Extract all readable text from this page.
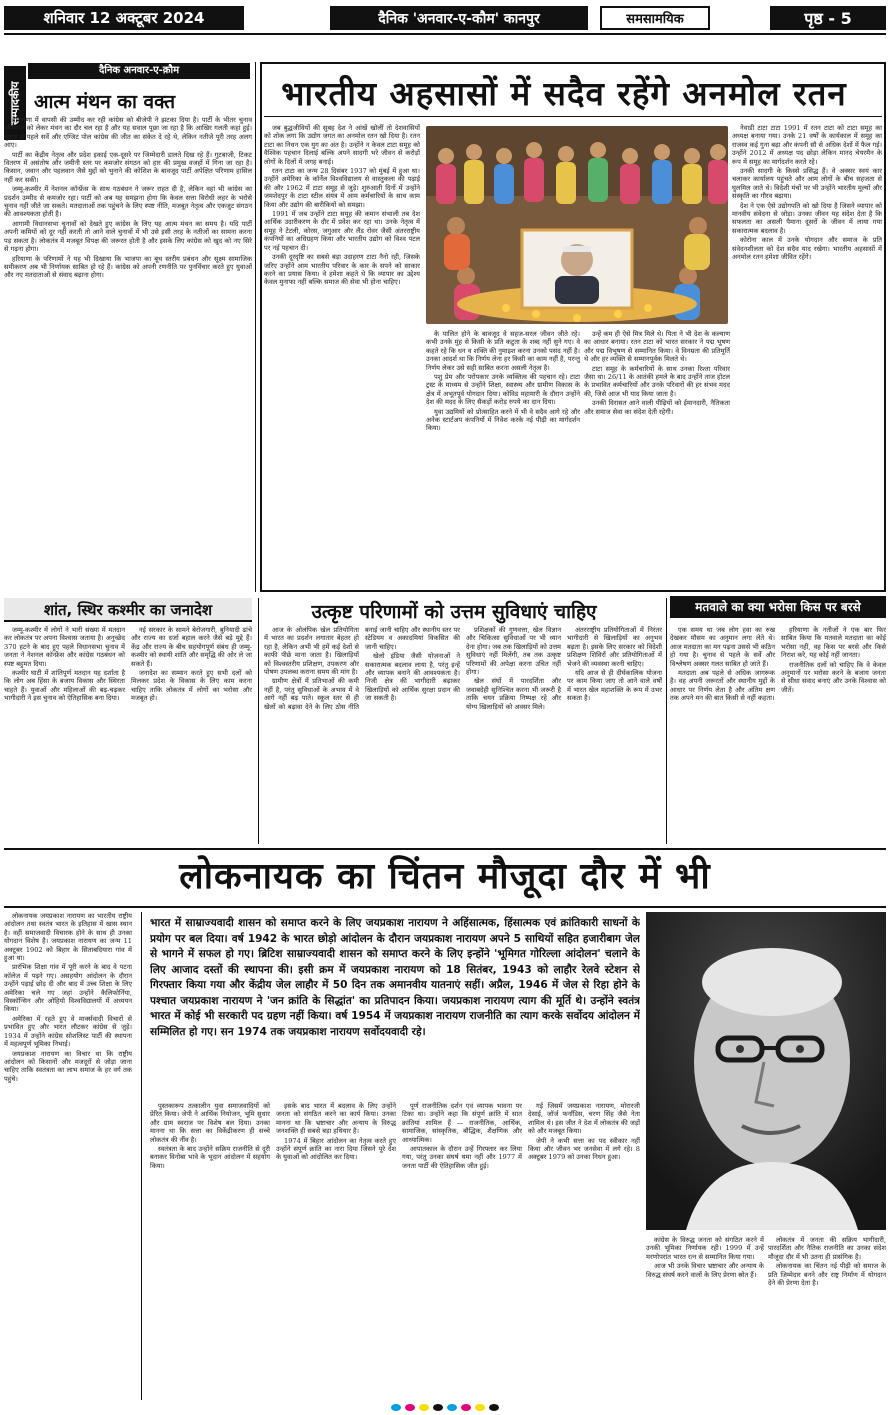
शनिवार 12 अक्टूबर 2024	दैनिक 'अनवार-ए-कौम' कानपुर	समसामयिक	पृष्ठ - 5
सम्पादकीय
दैनिक अनवार-ए-क़ौम
आत्म मंथन का वक्त

हरियाणा में वापसी की उम्मीद कर रही कांग्रेस को बीजेपी ने झटका दिया है। पार्टी के भीतर चुनाव परिणामों को लेकर मंथन का दौर चल रहा है और यह सवाल पूछा जा रहा है कि आखिर गलती कहां हुई। चुनाव से पहले सर्वे और एग्जिट पोल कांग्रेस की जीत का संकेत दे रहे थे, लेकिन नतीजे पूरी तरह अलग आए।

पार्टी का केंद्रीय नेतृत्व और प्रदेश इकाई एक-दूसरे पर जिम्मेदारी डालते दिख रहे हैं। गुटबाजी, टिकट वितरण में असंतोष और जमीनी स्तर पर कमजोर संगठन को हार की प्रमुख वजहों में गिना जा रहा है। किसान, जवान और पहलवान जैसे मुद्दों को भुनाने की कोशिश के बावजूद पार्टी अपेक्षित परिणाम हासिल नहीं कर सकी।

जम्मू-कश्मीर में नेशनल कॉन्फ्रेंस के साथ गठबंधन ने जरूर राहत दी है, लेकिन वहां भी कांग्रेस का प्रदर्शन उम्मीद से कमजोर रहा। पार्टी को अब यह समझना होगा कि केवल सत्ता विरोधी लहर के भरोसे चुनाव नहीं जीते जा सकते। मतदाताओं तक पहुंचने के लिए स्पष्ट नीति, मजबूत नेतृत्व और एकजुट संगठन की आवश्यकता होती है।

आगामी विधानसभा चुनावों को देखते हुए कांग्रेस के लिए यह आत्म मंथन का समय है। यदि पार्टी अपनी कमियों को दूर नहीं करती तो आने वाले चुनावों में भी उसे इसी तरह के नतीजों का सामना करना पड़ सकता है। लोकतंत्र में मजबूत विपक्ष की जरूरत होती है और इसके लिए कांग्रेस को खुद को नए सिरे से गढ़ना होगा।

हरियाणा के परिणामों ने यह भी दिखाया कि भाजपा का बूथ स्तरीय प्रबंधन और सूक्ष्म सामाजिक समीकरण अब भी निर्णायक साबित हो रहे हैं। कांग्रेस को अपनी रणनीति पर पुनर्विचार करते हुए युवाओं और नए मतदाताओं से संवाद बढ़ाना होगा।

भारतीय अहसासों में सदैव रहेंगे अनमोल रतन

जब बुद्धजीवियों की सुबह देश ने आंखें खोलीं तो देशवासियों को शोक लगा कि उद्योग जगत का अनमोल रतन खो दिया है। रतन टाटा का निधन एक युग का अंत है। उन्होंने न केवल टाटा समूह को वैश्विक पहचान दिलाई बल्कि अपने सादगी भरे जीवन से करोड़ों लोगों के दिलों में जगह बनाई।

रतन टाटा का जन्म 28 दिसंबर 1937 को मुंबई में हुआ था। उन्होंने अमेरिका के कॉर्नेल विश्वविद्यालय से वास्तुकला की पढ़ाई की और 1962 में टाटा समूह से जुड़े। शुरुआती दिनों में उन्होंने जमशेदपुर के टाटा स्टील संयंत्र में आम कर्मचारियों के साथ काम किया और उद्योग की बारीकियों को समझा।

1991 में जब उन्होंने टाटा समूह की कमान संभाली तब देश आर्थिक उदारीकरण के दौर में प्रवेश कर रहा था। उनके नेतृत्व में समूह ने टेटली, कोरस, जगुआर और लैंड रोवर जैसी अंतरराष्ट्रीय कंपनियों का अधिग्रहण किया और भारतीय उद्योग को विश्व पटल पर नई पहचान दी।

उनकी दूरदृष्टि का सबसे बड़ा उदाहरण टाटा नैनो रही, जिसके जरिए उन्होंने आम भारतीय परिवार के कार के सपने को साकार करने का प्रयास किया। वे हमेशा कहते थे कि व्यापार का उद्देश्य केवल मुनाफा नहीं बल्कि समाज की सेवा भी होना चाहिए।

के पालित होने के बावजूद वे सहज-सरल जीवन जीते रहे। कभी उनके मुंह से किसी के प्रति कटुता के शब्द नहीं सुने गए। वे कहते रहे कि धन व शक्ति की नुमाइश करना उनको पसंद नहीं है। उनका आदर्श था कि निर्णय लेना हर किसी का काम नहीं है, परन्तु निर्णय लेकर उसे सही साबित करना असली नेतृत्व है।

पशु प्रेम और परोपकार उनके व्यक्तित्व की पहचान रहे। टाटा ट्रस्ट के माध्यम से उन्होंने शिक्षा, स्वास्थ्य और ग्रामीण विकास के क्षेत्र में अभूतपूर्व योगदान दिया। कोविड महामारी के दौरान उन्होंने देश की मदद के लिए सैकड़ों करोड़ रुपये का दान दिया।

युवा उद्यमियों को प्रोत्साहित करने में भी वे सदैव आगे रहे और अनेक स्टार्टअप कंपनियों में निवेश करके नई पीढ़ी का मार्गदर्शन किया।

उन्हें कम ही ऐसे मित्र मिले थे। पिता ने भी देश के कल्याण का आधार बनाया। रतन टाटा को भारत सरकार ने पद्म भूषण और पद्म विभूषण से सम्मानित किया। वे विनम्रता की प्रतिमूर्ति थे और हर व्यक्ति से सम्मानपूर्वक मिलते थे।

टाटा समूह के कर्मचारियों के साथ उनका रिश्ता परिवार जैसा था। 26/11 के आतंकी हमले के बाद उन्होंने ताज होटल के प्रभावित कर्मचारियों और उनके परिवारों की हर संभव मदद की, जिसे आज भी याद किया जाता है।

उनकी विरासत आने वाली पीढ़ियों को ईमानदारी, नैतिकता और समाज सेवा का संदेश देती रहेगी।

नेवाडी टाटा टाटा 1991 में रतन टाटा को टाटा समूह का अध्यक्ष बनाया गया। उनके 21 वर्षों के कार्यकाल में समूह का राजस्व कई गुना बढ़ा और कंपनी सौ से अधिक देशों में फैल गई। उन्होंने 2012 में अध्यक्ष पद छोड़ा लेकिन मानद चेयरमैन के रूप में समूह का मार्गदर्शन करते रहे।

उनकी सादगी के किस्से प्रसिद्ध हैं। वे अक्सर स्वयं कार चलाकर कार्यालय पहुंचते और आम लोगों के बीच सहजता से घुलमिल जाते थे। विदेशी मंचों पर भी उन्होंने भारतीय मूल्यों और संस्कृति का गौरव बढ़ाया।

देश ने एक ऐसे उद्योगपति को खो दिया है जिसने व्यापार को मानवीय संवेदना से जोड़ा। उनका जीवन यह संदेश देता है कि सफलता का असली पैमाना दूसरों के जीवन में लाया गया सकारात्मक बदलाव है।

कोरोना काल में उनके योगदान और समाज के प्रति संवेदनशीलता को देश सदैव याद रखेगा। भारतीय अहसासों में अनमोल रतन हमेशा जीवित रहेंगे।

शांत, स्थिर कश्मीर का जनादेश

जम्मू-कश्मीर में लोगों ने भारी संख्या में मतदान कर लोकतंत्र पर अपना विश्वास जताया है। अनुच्छेद 370 हटने के बाद हुए पहले विधानसभा चुनाव में जनता ने नेशनल कॉन्फ्रेंस और कांग्रेस गठबंधन को स्पष्ट बहुमत दिया।

कश्मीर घाटी में शांतिपूर्ण मतदान यह दर्शाता है कि लोग अब हिंसा के बजाय विकास और स्थिरता चाहते हैं। युवाओं और महिलाओं की बढ़-चढ़कर भागीदारी ने इस चुनाव को ऐतिहासिक बना दिया।

नई सरकार के सामने बेरोजगारी, बुनियादी ढांचे और राज्य का दर्जा बहाल करने जैसे बड़े मुद्दे हैं। केंद्र और राज्य के बीच सहयोगपूर्ण संबंध ही जम्मू-कश्मीर को स्थायी शांति और समृद्धि की ओर ले जा सकते हैं।

जनादेश का सम्मान करते हुए सभी दलों को मिलकर प्रदेश के विकास के लिए काम करना चाहिए ताकि लोकतंत्र में लोगों का भरोसा और मजबूत हो।

उत्कृष्ट परिणामों को उत्तम सुविधाएं चाहिए

आज के ओलंपिक खेल प्रतियोगिता में भारत का प्रदर्शन लगातार बेहतर हो रहा है, लेकिन अभी भी हमें कई देशों से काफी पीछे माना जाता है। खिलाड़ियों को विश्वस्तरीय प्रशिक्षण, उपकरण और पोषण उपलब्ध कराना समय की मांग है।

ग्रामीण क्षेत्रों में प्रतिभाओं की कमी नहीं है, परंतु सुविधाओं के अभाव में वे आगे नहीं बढ़ पाते। स्कूल स्तर से ही खेलों को बढ़ावा देने के लिए ठोस नीति बनाई जानी चाहिए और स्थानीय स्तर पर स्टेडियम व अकादमियां विकसित की जानी चाहिए।

खेलो इंडिया जैसी योजनाओं ने सकारात्मक बदलाव लाया है, परंतु इन्हें और व्यापक बनाने की आवश्यकता है। निजी क्षेत्र की भागीदारी बढ़ाकर खिलाड़ियों को आर्थिक सुरक्षा प्रदान की जा सकती है।

प्रशिक्षकों की गुणवत्ता, खेल विज्ञान और चिकित्सा सुविधाओं पर भी ध्यान देना होगा। जब तक खिलाड़ियों को उत्तम सुविधाएं नहीं मिलेंगी, तब तक उत्कृष्ट परिणामों की अपेक्षा करना उचित नहीं होगा।

खेल संघों में पारदर्शिता और जवाबदेही सुनिश्चित करना भी जरूरी है ताकि चयन प्रक्रिया निष्पक्ष रहे और योग्य खिलाड़ियों को अवसर मिले।

अंतरराष्ट्रीय प्रतियोगिताओं में निरंतर भागीदारी से खिलाड़ियों का अनुभव बढ़ता है। इसके लिए सरकार को विदेशी प्रशिक्षण शिविरों और प्रतियोगिताओं में भेजने की व्यवस्था करनी चाहिए।

यदि आज से ही दीर्घकालिक योजना पर काम किया जाए तो आने वाले वर्षों में भारत खेल महाशक्ति के रूप में उभर सकता है।

मतवाले का क्या भरोसा किस पर बरसे

एक समय था जब लोग हवा का रुख देखकर मौसम का अनुमान लगा लेते थे। आज मतदाता का मन पढ़ना उससे भी कठिन हो गया है। चुनाव से पहले के सर्वे और विश्लेषण अक्सर गलत साबित हो जाते हैं।

मतदाता अब पहले से अधिक जागरूक है। वह अपनी जरूरतों और स्थानीय मुद्दों के आधार पर निर्णय लेता है और अंतिम क्षण तक अपने मन की बात किसी से नहीं कहता।

हरियाणा के नतीजों ने एक बार फिर साबित किया कि मतवाले मतदाता का कोई भरोसा नहीं, वह किस पर बरसे और किसे निराश करे, यह कोई नहीं जानता।

राजनीतिक दलों को चाहिए कि वे केवल अनुमानों पर भरोसा करने के बजाय जनता से सीधा संवाद बनाएं और उनके विश्वास को जीतें।

लोकनायक का चिंतन मौजूदा दौर में भी

लोकनायक जयप्रकाश नारायण का भारतीय राष्ट्रीय आंदोलन तथा स्वतंत्र भारत के इतिहास में खास स्थान है। वहीं समाजवादी विचारक होने के साथ ही उनका योगदान विशेष है। जयप्रकाश नारायण का जन्म 11 अक्टूबर 1902 को बिहार के सिताबदियारा गांव में हुआ था।

प्रारंभिक शिक्षा गांव में पूरी करने के बाद वे पटना कॉलेज में पढ़ने गए। असहयोग आंदोलन के दौरान उन्होंने पढ़ाई छोड़ दी और बाद में उच्च शिक्षा के लिए अमेरिका चले गए जहां उन्होंने कैलिफोर्निया, विस्कॉन्सिन और ओहियो विश्वविद्यालयों में अध्ययन किया।

अमेरिका में रहते हुए वे मार्क्सवादी विचारों से प्रभावित हुए और भारत लौटकर कांग्रेस से जुड़े। 1934 में उन्होंने कांग्रेस सोशलिस्ट पार्टी की स्थापना में महत्वपूर्ण भूमिका निभाई।

जयप्रकाश नारायण का विचार था कि राष्ट्रीय आंदोलन को किसानों और मजदूरों से जोड़ा जाना चाहिए ताकि स्वतंत्रता का लाभ समाज के हर वर्ग तक पहुंचे।

भारत में साम्राज्यवादी शासन को समाप्त करने के लिए जयप्रकाश नारायण ने अहिंसात्मक, हिंसात्मक एवं क्रांतिकारी साधनों के प्रयोग पर बल दिया। वर्ष 1942 के भारत छोड़ो आंदोलन के दौरान जयप्रकाश नारायण अपने 5 साथियों सहित हजारीबाग जेल से भागने में सफल हो गए। ब्रिटिश साम्राज्यवादी शासन को समाप्त करने के लिए इन्होंने 'भूमिगत गोरिल्ला आंदोलन' चलाने के लिए आजाद दस्तों की स्थापना की। इसी क्रम में जयप्रकाश नारायण को 18 सितंबर, 1943 को लाहौर रेलवे स्टेशन से गिरफ्तार किया गया और केंद्रीय जेल लाहौर में 50 दिन तक अमानवीय यातनाएं सहीं। अप्रैल, 1946 में जेल से रिहा होने के पश्चात जयप्रकाश नारायण ने 'जन क्रांति के सिद्धांत' का प्रतिपादन किया। जयप्रकाश नारायण त्याग की मूर्ति थे। उन्होंने स्वतंत्र भारत में कोई भी सरकारी पद ग्रहण नहीं किया। वर्ष 1954 में जयप्रकाश नारायण राजनीति का त्याग करके सर्वोदय आंदोलन में सम्मिलित हो गए। सन 1974 तक जयप्रकाश नारायण सर्वोदयवादी रहे।

पुस्तकारूप तत्कालीन युवा समाजवादियों को प्रेरित किया। जेपी ने आर्थिक नियोजन, भूमि सुधार और ग्राम स्वराज पर विशेष बल दिया। उनका मानना था कि सत्ता का विकेंद्रीकरण ही सच्चे लोकतंत्र की नींव है।

स्वतंत्रता के बाद उन्होंने सक्रिय राजनीति से दूरी बनाकर विनोबा भावे के भूदान आंदोलन में सहयोग किया।

इसके बाद भारत में बदलाव के लिए उन्होंने जनता को संगठित करने का कार्य किया। उनका मानना था कि भ्रष्टाचार और अन्याय के विरुद्ध जनशक्ति ही सबसे बड़ा हथियार है।

1974 में बिहार आंदोलन का नेतृत्व करते हुए उन्होंने संपूर्ण क्रांति का नारा दिया जिसने पूरे देश के युवाओं को आंदोलित कर दिया।

पूर्ण राजनीतिक दर्शन एवं व्यापक भावना पर टिका था। उन्होंने कहा कि संपूर्ण क्रांति में सात क्रांतियां शामिल हैं — राजनीतिक, आर्थिक, सामाजिक, सांस्कृतिक, बौद्धिक, शैक्षणिक और आध्यात्मिक।

आपातकाल के दौरान उन्हें गिरफ्तार कर लिया गया, परंतु उनका संघर्ष थमा नहीं और 1977 में जनता पार्टी की ऐतिहासिक जीत हुई।

गई जिसमें जयप्रकाश नारायण, मोरारजी देसाई, जॉर्ज फर्नांडिस, चरण सिंह जैसे नेता शामिल थे। इस जीत ने देश में लोकतंत्र की जड़ों को और मजबूत किया।

जेपी ने कभी सत्ता का पद स्वीकार नहीं किया और जीवन भर जनसेवा में लगे रहे। 8 अक्टूबर 1979 को उनका निधन हुआ।

कांग्रेस के विरुद्ध जनता को संगठित करने में उनकी भूमिका निर्णायक रही। 1999 में उन्हें मरणोपरांत भारत रत्न से सम्मानित किया गया।

आज भी उनके विचार भ्रष्टाचार और अन्याय के विरुद्ध संघर्ष करने वालों के लिए प्रेरणा स्रोत हैं।

लोकतंत्र में जनता की सक्रिय भागीदारी, पारदर्शिता और नैतिक राजनीति का उनका संदेश मौजूदा दौर में भी उतना ही प्रासंगिक है।

लोकनायक का चिंतन नई पीढ़ी को समाज के प्रति जिम्मेदार बनने और राष्ट्र निर्माण में योगदान देने की प्रेरणा देता है।
